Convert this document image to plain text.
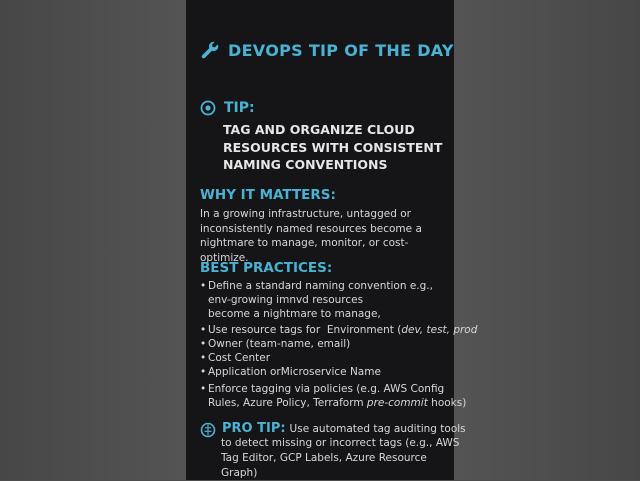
DEVOPS TIP OF THE DAY
TIP:
TAG AND ORGANIZE CLOUD
RESOURCES WITH CONSISTENT
NAMING CONVENTIONS
WHY IT MATTERS:
In a growing infrastructure, untagged or
inconsistently named resources become a
nightmare to manage, monitor, or cost-optimize.
BEST PRACTICES:
• Define a standard naming convention e.g.,
env-growing imnvd resources
become a nightmare to manage,
• Use resource tags for  Environment (dev, test, prod
• Owner (team-name, email)
• Cost Center
• Application orMicroservice Name
• Enforce tagging via policies (e.g. AWS Config
Rules, Azure Policy, Terraform pre-commit hooks)
PRO TIP: Use automated tag auditing tools
to detect missing or incorrect tags (e.g., AWS
Tag Editor, GCP Labels, Azure Resource Graph)
